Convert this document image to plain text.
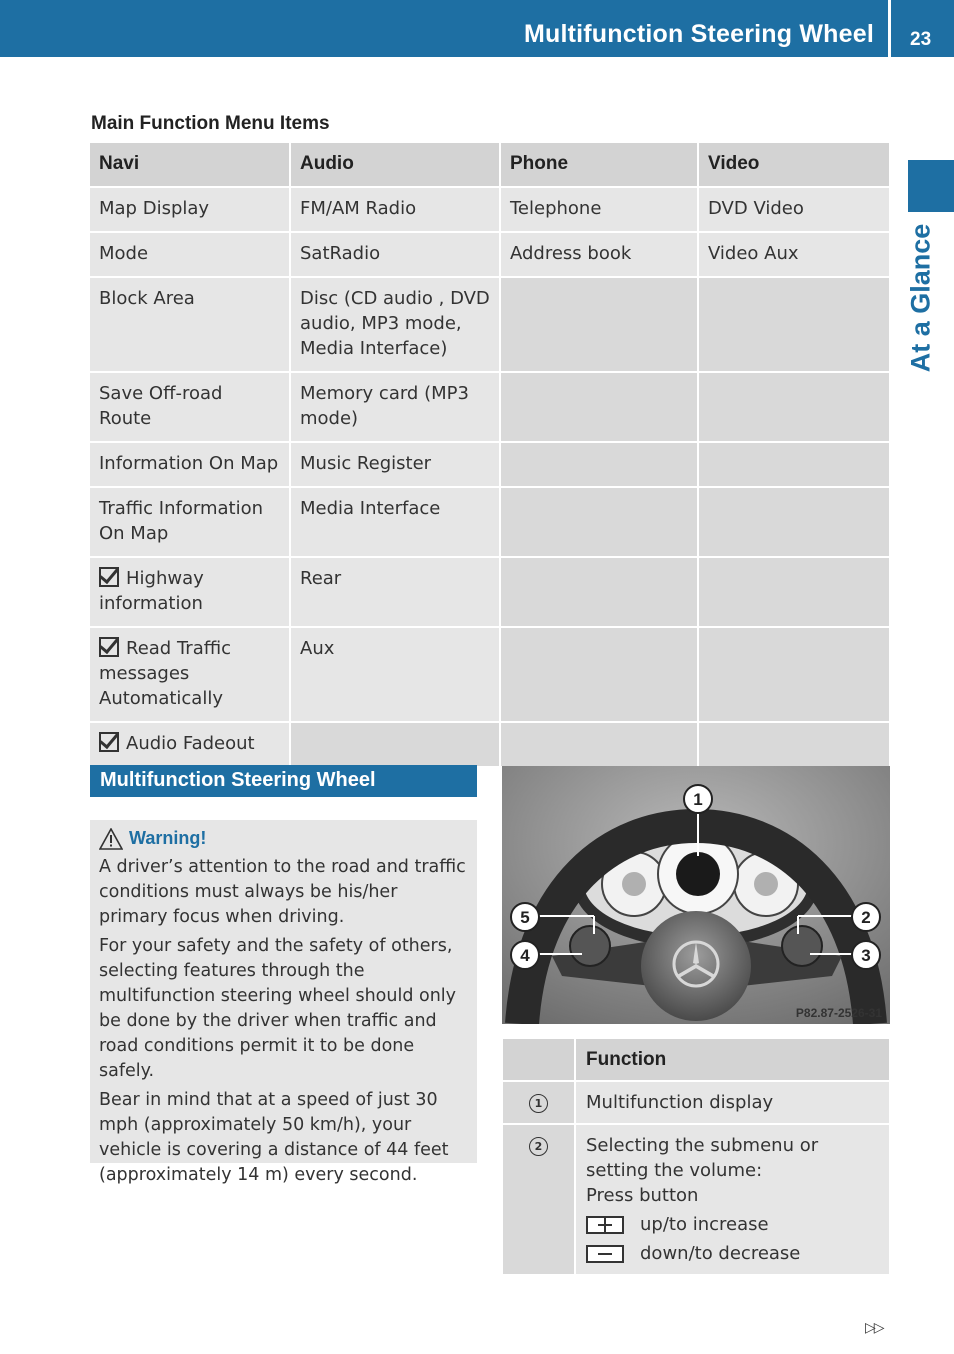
Multifunction Steering Wheel 23
At a Glance
Main Function Menu Items
Navi	Audio	Phone	Video
Map Display	FM/AM Radio	Telephone	DVD Video
Mode	SatRadio	Address book	Video Aux
Block Area	Disc (CD audio , DVD audio, MP3 mode, Media Interface)		
Save Off-road Route	Memory card (MP3 mode)		
Information On Map	Music Register		
Traffic Information On Map	Media Interface		
Highway information	Rear		
Read Traffic messages Automatically	Aux		
Audio Fadeout			
Multifunction Steering Wheel
Warning!

A driver’s attention to the road and traffic conditions must always be his/her primary focus when driving.

For your safety and the safety of others, selecting features through the multifunction steering wheel should only be done by the driver when traffic and road conditions permit it to be done safely.

Bear in mind that at a speed of just 30 mph (approximately 50 km/h), your vehicle is covering a distance of 44 feet (approximately 14 m) every second.

1
2
3
4
5
P82.87-2526-31
	Function
1	Multifunction display
2	Selecting the submenu or setting the volume:
Press button
up/to increase
down/to decrease
▷▷
